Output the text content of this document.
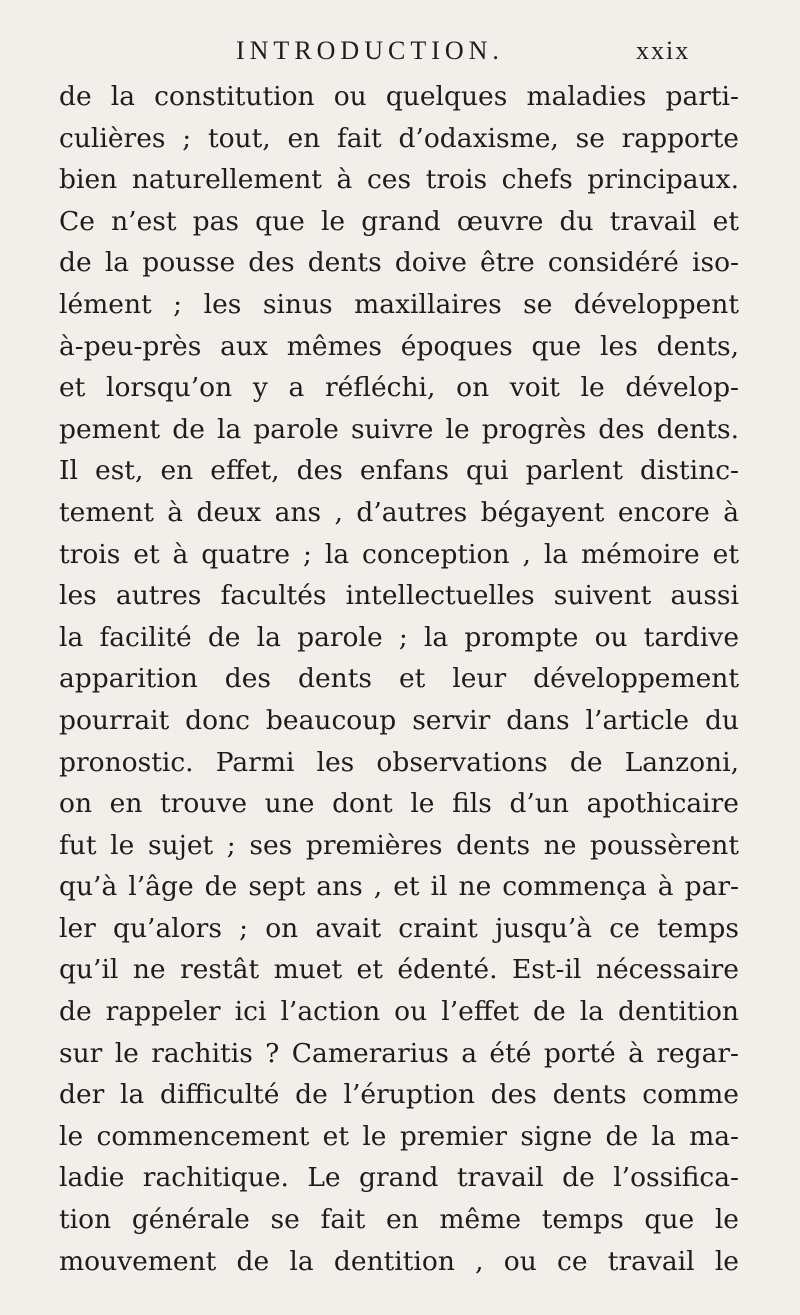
INTRODUCTION.	xxix
de la constitution ou quelques maladies parti-
culières ; tout, en fait d’odaxisme, se rapporte
bien naturellement à ces trois chefs principaux.
Ce n’est pas que le grand œuvre du travail et
de la pousse des dents doive être considéré iso-
lément ; les sinus maxillaires se développent
à-peu-près aux mêmes époques que les dents,
et lorsqu’on y a réfléchi, on voit le dévelop-
pement de la parole suivre le progrès des dents.
Il est, en effet, des enfans qui parlent distinc-
tement à deux ans , d’autres bégayent encore à
trois et à quatre ; la conception , la mémoire et
les autres facultés intellectuelles suivent aussi
la facilité de la parole ; la prompte ou tardive
apparition des dents et leur développement
pourrait donc beaucoup servir dans l’article du
pronostic. Parmi les observations de Lanzoni,
on en trouve une dont le fils d’un apothicaire
fut le sujet ; ses premières dents ne poussèrent
qu’à l’âge de sept ans , et il ne commença à par-
ler qu’alors ; on avait craint jusqu’à ce temps
qu’il ne restât muet et édenté. Est-il nécessaire
de rappeler ici l’action ou l’effet de la dentition
sur le rachitis ? Camerarius a été porté à regar-
der la difficulté de l’éruption des dents comme
le commencement et le premier signe de la ma-
ladie rachitique. Le grand travail de l’ossifica-
tion générale se fait en même temps que le
mouvement de la dentition , ou ce travail le
